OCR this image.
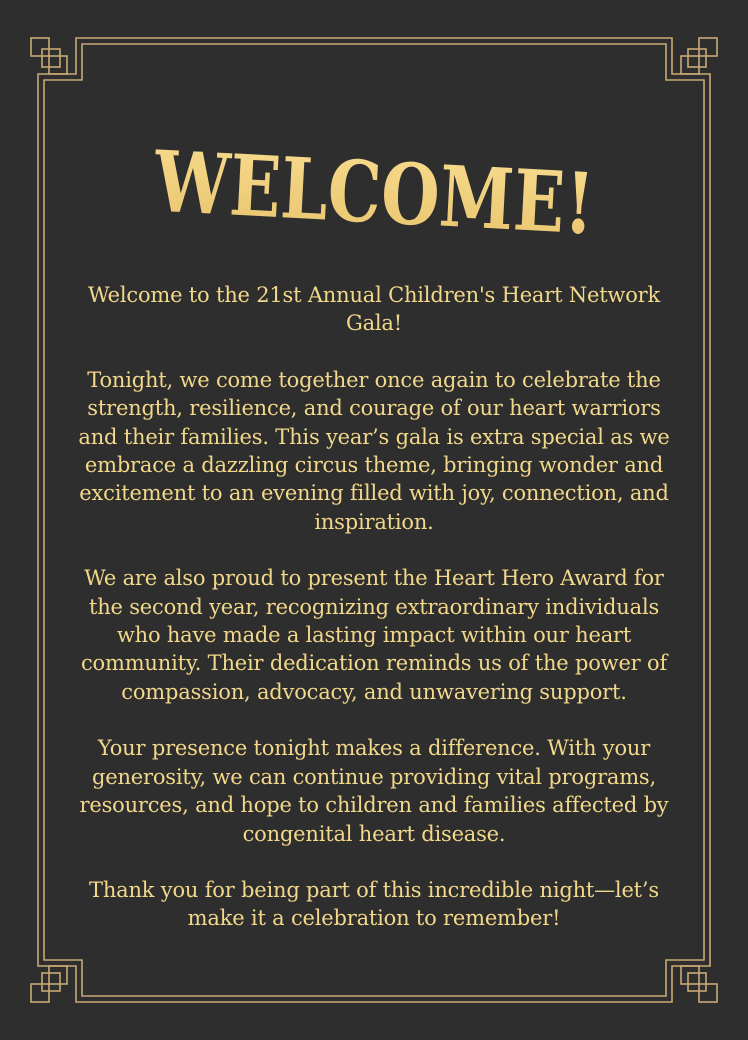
WELCOME!

Welcome to the 21st Annual Children's Heart Network Gala!

Tonight, we come together once again to celebrate the strength, resilience, and courage of our heart warriors and their families. This year’s gala is extra special as we embrace a dazzling circus theme, bringing wonder and excitement to an evening filled with joy, connection, and inspiration.

We are also proud to present the Heart Hero Award for the second year, recognizing extraordinary individuals who have made a lasting impact within our heart community. Their dedication reminds us of the power of compassion, advocacy, and unwavering support.

Your presence tonight makes a difference. With your generosity, we can continue providing vital programs, resources, and hope to children and families affected by congenital heart disease.

Thank you for being part of this incredible night—let’s make it a celebration to remember!
